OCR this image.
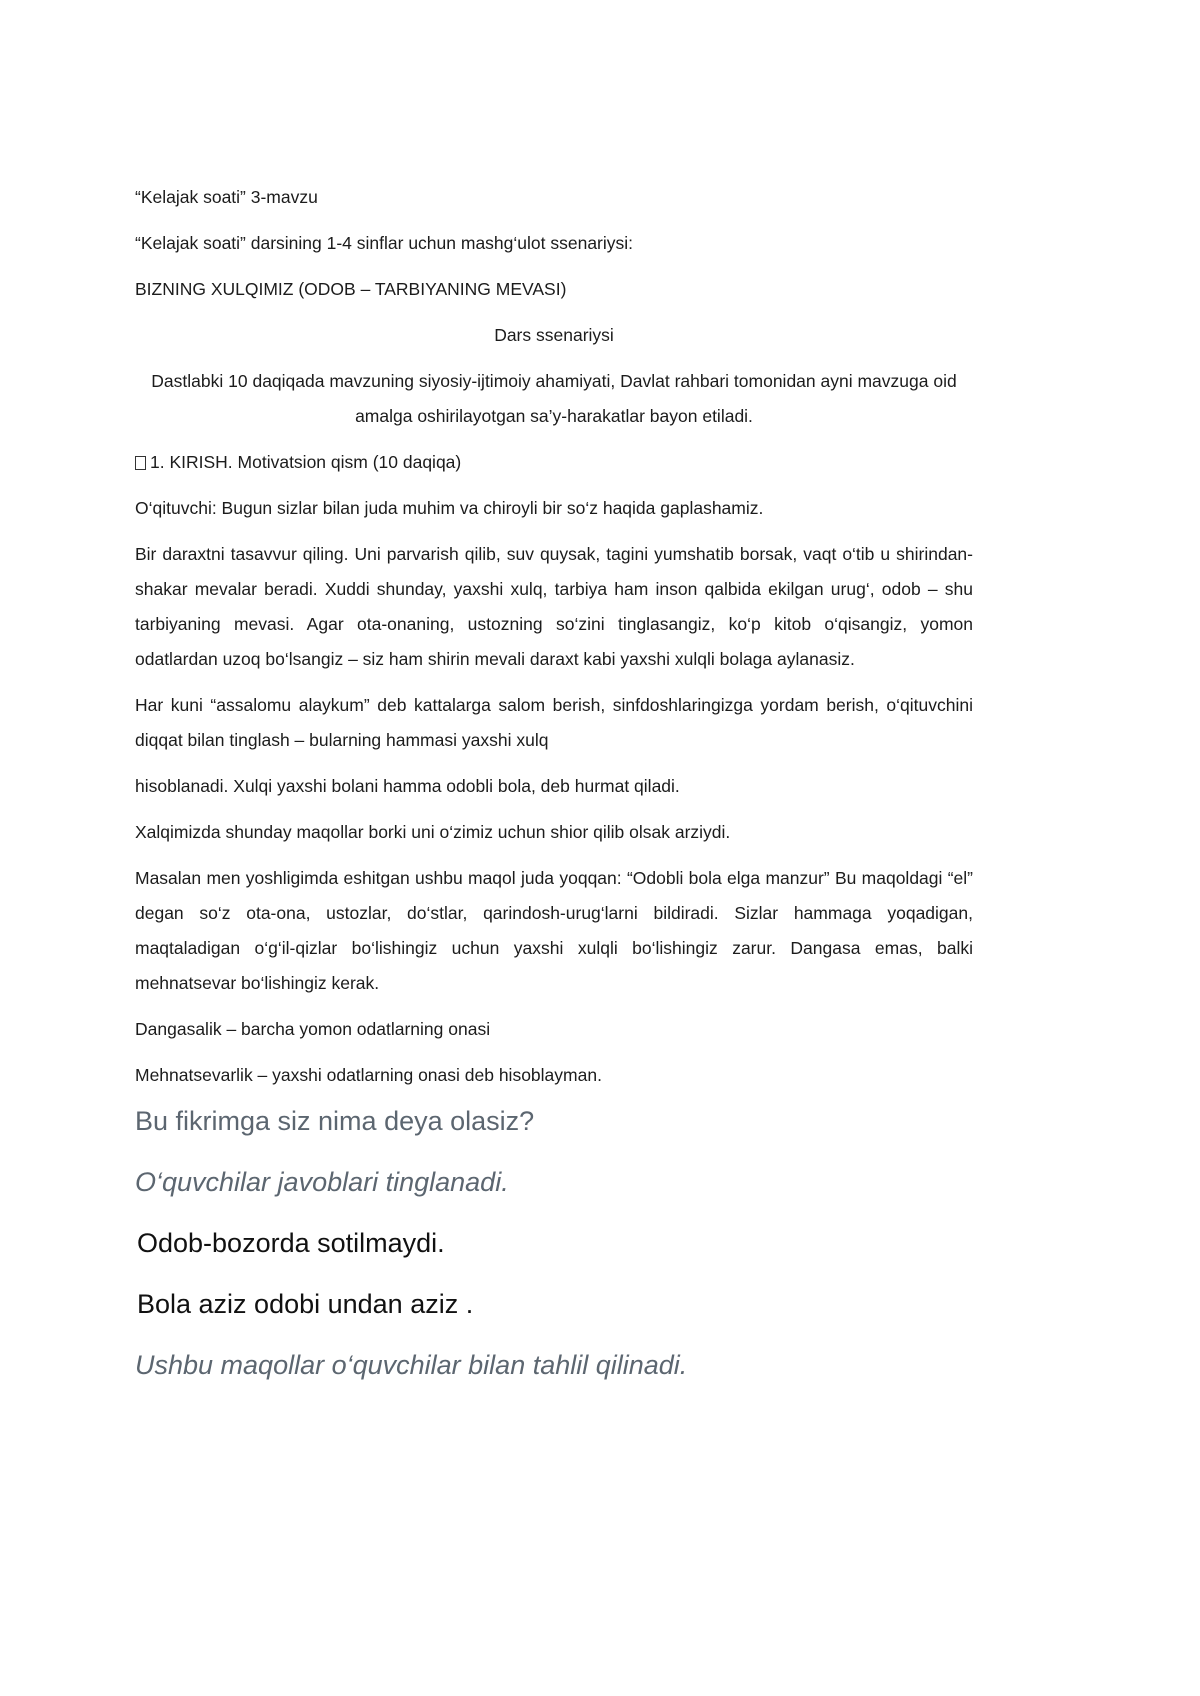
“Kelajak soati” 3-mavzu

“Kelajak soati” darsining 1-4 sinflar uchun mashg‘ulot ssenariysi:

BIZNING XULQIMIZ (ODOB – TARBIYANING MEVASI)

Dars ssenariysi

Dastlabki 10 daqiqada mavzuning siyosiy-ijtimoiy ahamiyati, Davlat rahbari tomonidan ayni mavzuga oid amalga oshirilayotgan sa’y-harakatlar bayon etiladi.

1. KIRISH. Motivatsion qism (10 daqiqa)

O‘qituvchi: Bugun sizlar bilan juda muhim va chiroyli bir so‘z haqida gaplashamiz.

Bir daraxtni tasavvur qiling. Uni parvarish qilib, suv quysak, tagini yumshatib borsak, vaqt o‘tib u shirindan-shakar mevalar beradi. Xuddi shunday, yaxshi xulq, tarbiya ham inson qalbida ekilgan urug‘, odob – shu tarbiyaning mevasi. Agar ota-onaning, ustozning so‘zini tinglasangiz, ko‘p kitob o‘qisangiz, yomon odatlardan uzoq bo‘lsangiz – siz ham shirin mevali daraxt kabi yaxshi xulqli bolaga aylanasiz.

Har kuni “assalomu alaykum” deb kattalarga salom berish, sinfdoshlaringizga yordam berish, o‘qituvchini diqqat bilan tinglash – bularning hammasi yaxshi xulq

hisoblanadi. Xulqi yaxshi bolani hamma odobli bola, deb hurmat qiladi.

Xalqimizda shunday maqollar borki uni o‘zimiz uchun shior qilib olsak arziydi.

Masalan men yoshligimda eshitgan ushbu maqol juda yoqqan: “Odobli bola elga manzur” Bu maqoldagi “el” degan so‘z ota-ona, ustozlar, do‘stlar, qarindosh-urug‘larni bildiradi. Sizlar hammaga yoqadigan, maqtaladigan o‘g‘il-qizlar bo‘lishingiz uchun yaxshi xulqli bo‘lishingiz zarur. Dangasa emas, balki mehnatsevar bo‘lishingiz kerak.

Dangasalik – barcha yomon odatlarning onasi

Mehnatsevarlik – yaxshi odatlarning onasi deb hisoblayman.

Bu fikrimga siz nima deya olasiz?

O‘quvchilar javoblari tinglanadi.

Odob-bozorda sotilmaydi.

Bola aziz odobi undan aziz .

Ushbu maqollar o‘quvchilar bilan tahlil qilinadi.
